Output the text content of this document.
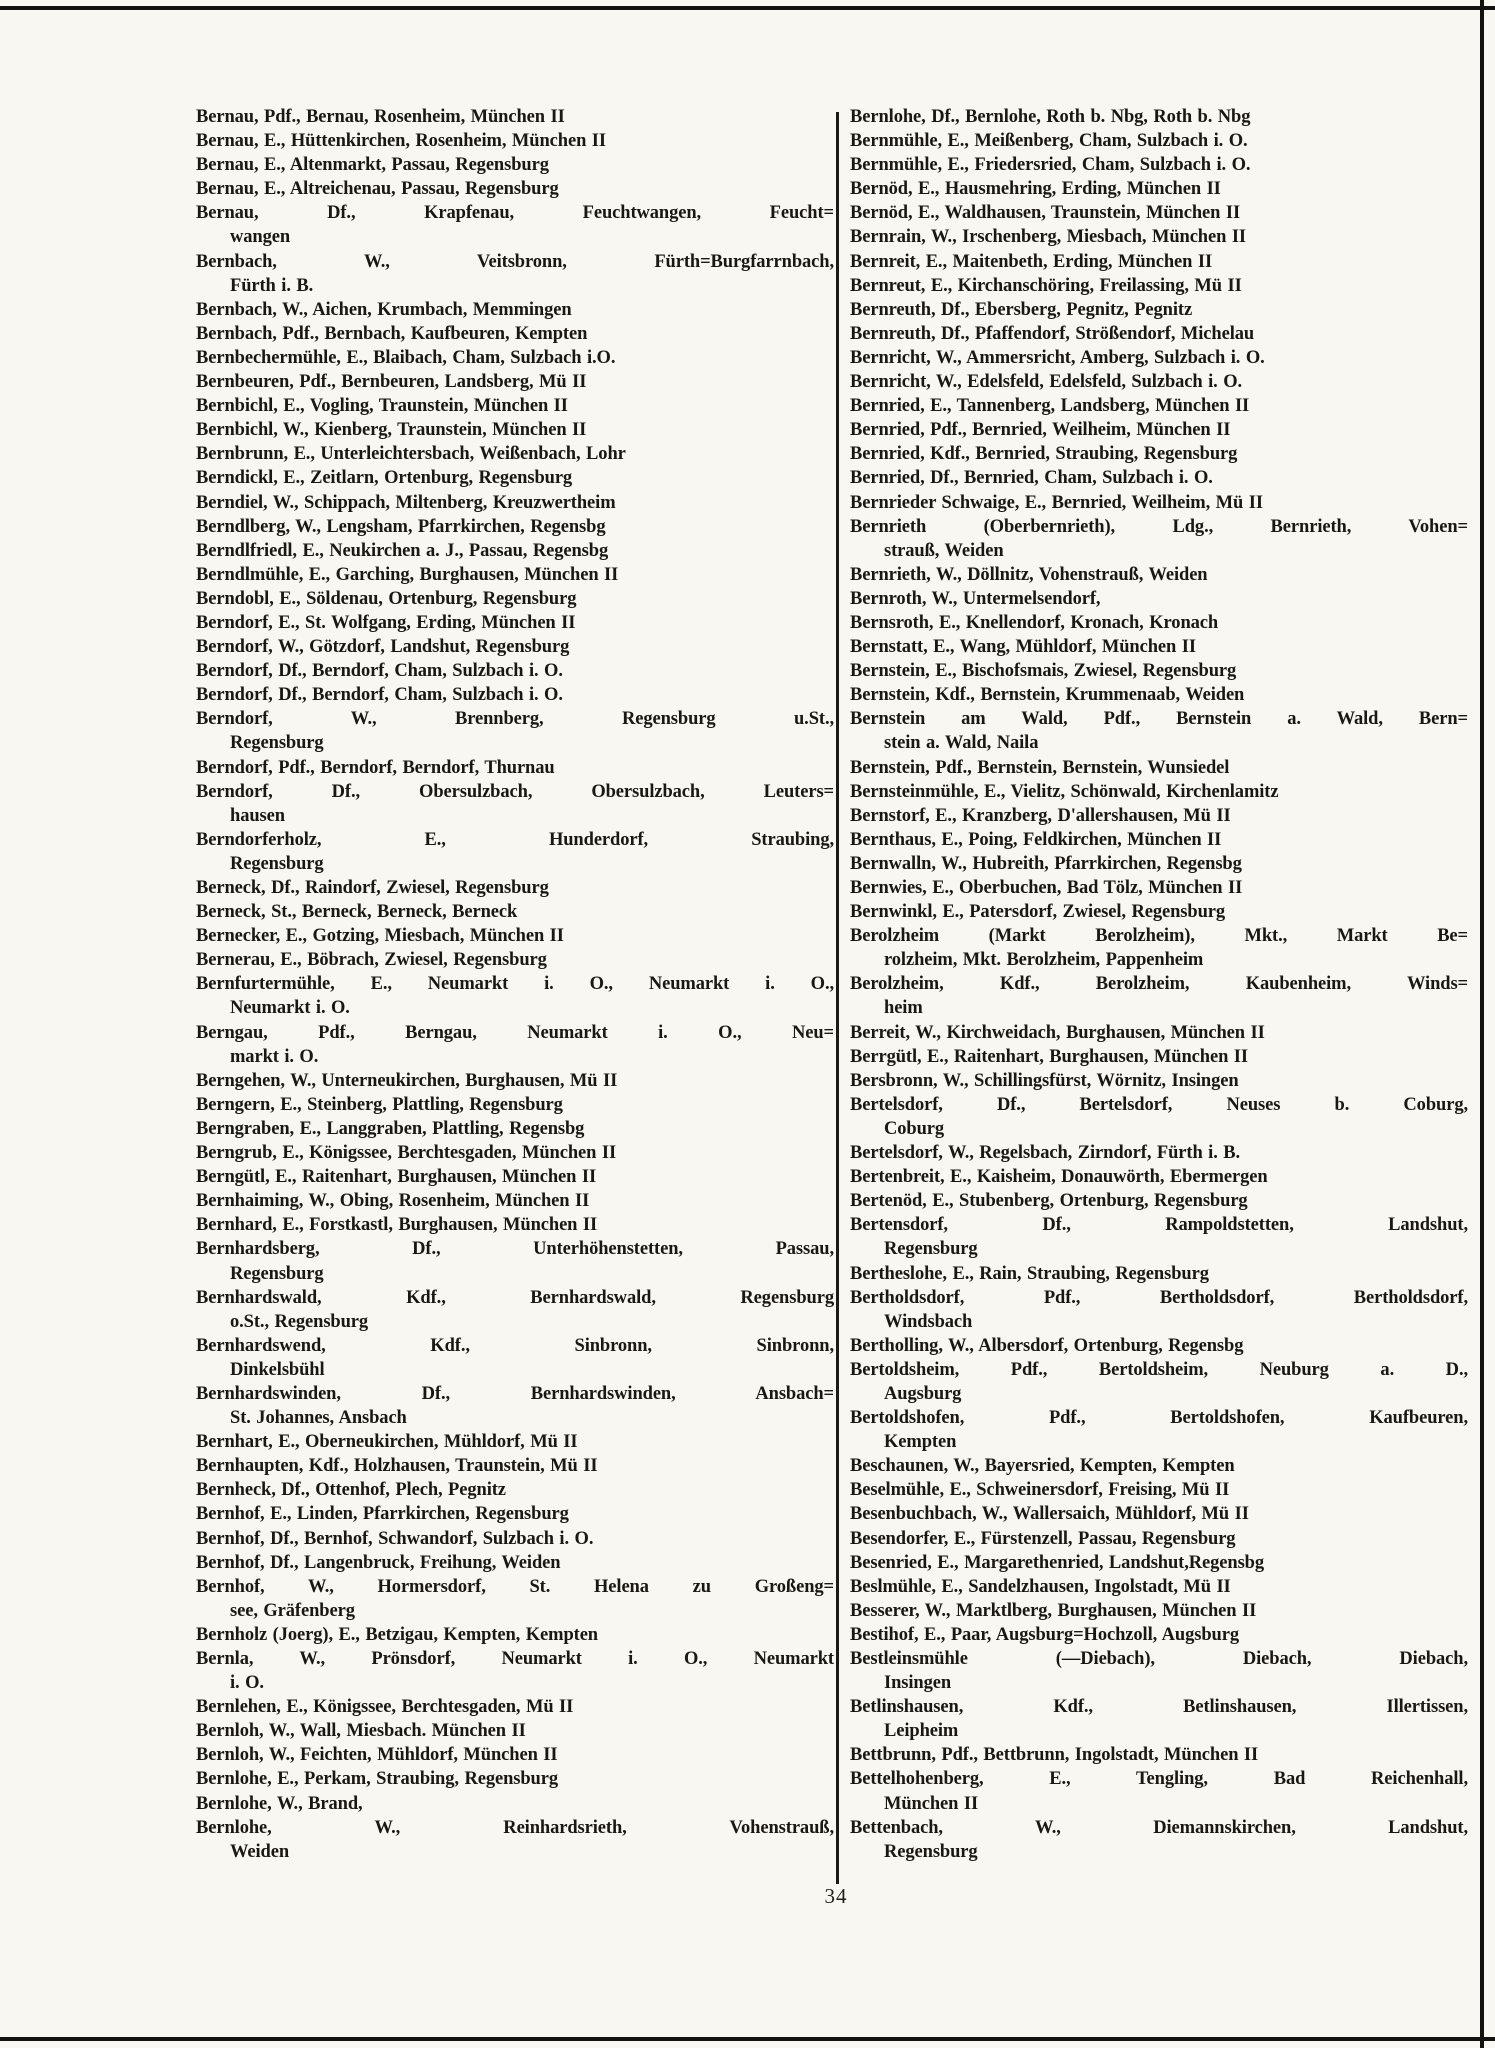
Bernau, Pdf., Bernau, Rosenheim, München II
Bernau, E., Hüttenkirchen, Rosenheim, München II
Bernau, E., Altenmarkt, Passau, Regensburg
Bernau, E., Altreichenau, Passau, Regensburg
Bernau, Df., Krapfenau, Feuchtwangen, Feucht=
wangen
Bernbach, W., Veitsbronn, Fürth=Burgfarrnbach,
Fürth i. B.
Bernbach, W., Aichen, Krumbach, Memmingen
Bernbach, Pdf., Bernbach, Kaufbeuren, Kempten
Bernbechermühle, E., Blaibach, Cham, Sulzbach i.O.
Bernbeuren, Pdf., Bernbeuren, Landsberg, Mü II
Bernbichl, E., Vogling, Traunstein, München II
Bernbichl, W., Kienberg, Traunstein, München II
Bernbrunn, E., Unterleichtersbach, Weißenbach, Lohr
Berndickl, E., Zeitlarn, Ortenburg, Regensburg
Berndiel, W., Schippach, Miltenberg, Kreuzwertheim
Berndlberg, W., Lengsham, Pfarrkirchen, Regensbg
Berndlfriedl, E., Neukirchen a. J., Passau, Regensbg
Berndlmühle, E., Garching, Burghausen, München II
Berndobl, E., Söldenau, Ortenburg, Regensburg
Berndorf, E., St. Wolfgang, Erding, München II
Berndorf, W., Götzdorf, Landshut, Regensburg
Berndorf, Df., Berndorf, Cham, Sulzbach i. O.
Berndorf, Df., Berndorf, Cham, Sulzbach i. O.
Berndorf, W., Brennberg, Regensburg u.St.,
Regensburg
Berndorf, Pdf., Berndorf, Berndorf, Thurnau
Berndorf, Df., Obersulzbach, Obersulzbach, Leuters=
hausen
Berndorferholz, E., Hunderdorf, Straubing,
Regensburg
Berneck, Df., Raindorf, Zwiesel, Regensburg
Berneck, St., Berneck, Berneck, Berneck
Bernecker, E., Gotzing, Miesbach, München II
Bernerau, E., Böbrach, Zwiesel, Regensburg
Bernfurtermühle, E., Neumarkt i. O., Neumarkt i. O.,
Neumarkt i. O.
Berngau, Pdf., Berngau, Neumarkt i. O., Neu=
markt i. O.
Berngehen, W., Unterneukirchen, Burghausen, Mü II
Berngern, E., Steinberg, Plattling, Regensburg
Berngraben, E., Langgraben, Plattling, Regensbg
Berngrub, E., Königssee, Berchtesgaden, München II
Berngütl, E., Raitenhart, Burghausen, München II
Bernhaiming, W., Obing, Rosenheim, München II
Bernhard, E., Forstkastl, Burghausen, München II
Bernhardsberg, Df., Unterhöhenstetten, Passau,
Regensburg
Bernhardswald, Kdf., Bernhardswald, Regensburg
o.St., Regensburg
Bernhardswend, Kdf., Sinbronn, Sinbronn,
Dinkelsbühl
Bernhardswinden, Df., Bernhardswinden, Ansbach=
St. Johannes, Ansbach
Bernhart, E., Oberneukirchen, Mühldorf, Mü II
Bernhaupten, Kdf., Holzhausen, Traunstein, Mü II
Bernheck, Df., Ottenhof, Plech, Pegnitz
Bernhof, E., Linden, Pfarrkirchen, Regensburg
Bernhof, Df., Bernhof, Schwandorf, Sulzbach i. O.
Bernhof, Df., Langenbruck, Freihung, Weiden
Bernhof, W., Hormersdorf, St. Helena zu Großeng=
see, Gräfenberg
Bernholz (Joerg), E., Betzigau, Kempten, Kempten
Bernla, W., Prönsdorf, Neumarkt i. O., Neumarkt
i. O.
Bernlehen, E., Königssee, Berchtesgaden, Mü II
Bernloh, W., Wall, Miesbach. München II
Bernloh, W., Feichten, Mühldorf, München II
Bernlohe, E., Perkam, Straubing, Regensburg
Bernlohe, W., Brand,
Bernlohe, W., Reinhardsrieth, Vohenstrauß,
Weiden
Bernlohe, Df., Bernlohe, Roth b. Nbg, Roth b. Nbg
Bernmühle, E., Meißenberg, Cham, Sulzbach i. O.
Bernmühle, E., Friedersried, Cham, Sulzbach i. O.
Bernöd, E., Hausmehring, Erding, München II
Bernöd, E., Waldhausen, Traunstein, München II
Bernrain, W., Irschenberg, Miesbach, München II
Bernreit, E., Maitenbeth, Erding, München II
Bernreut, E., Kirchanschöring, Freilassing, Mü II
Bernreuth, Df., Ebersberg, Pegnitz, Pegnitz
Bernreuth, Df., Pfaffendorf, Strößendorf, Michelau
Bernricht, W., Ammersricht, Amberg, Sulzbach i. O.
Bernricht, W., Edelsfeld, Edelsfeld, Sulzbach i. O.
Bernried, E., Tannenberg, Landsberg, München II
Bernried, Pdf., Bernried, Weilheim, München II
Bernried, Kdf., Bernried, Straubing, Regensburg
Bernried, Df., Bernried, Cham, Sulzbach i. O.
Bernrieder Schwaige, E., Bernried, Weilheim, Mü II
Bernrieth (Oberbernrieth), Ldg., Bernrieth, Vohen=
strauß, Weiden
Bernrieth, W., Döllnitz, Vohenstrauß, Weiden
Bernroth, W., Untermelsendorf,
Bernsroth, E., Knellendorf, Kronach, Kronach
Bernstatt, E., Wang, Mühldorf, München II
Bernstein, E., Bischofsmais, Zwiesel, Regensburg
Bernstein, Kdf., Bernstein, Krummenaab, Weiden
Bernstein am Wald, Pdf., Bernstein a. Wald, Bern=
stein a. Wald, Naila
Bernstein, Pdf., Bernstein, Bernstein, Wunsiedel
Bernsteinmühle, E., Vielitz, Schönwald, Kirchenlamitz
Bernstorf, E., Kranzberg, D'allershausen, Mü II
Bernthaus, E., Poing, Feldkirchen, München II
Bernwalln, W., Hubreith, Pfarrkirchen, Regensbg
Bernwies, E., Oberbuchen, Bad Tölz, München II
Bernwinkl, E., Patersdorf, Zwiesel, Regensburg
Berolzheim (Markt Berolzheim), Mkt., Markt Be=
rolzheim, Mkt. Berolzheim, Pappenheim
Berolzheim, Kdf., Berolzheim, Kaubenheim, Winds=
heim
Berreit, W., Kirchweidach, Burghausen, München II
Berrgütl, E., Raitenhart, Burghausen, München II
Bersbronn, W., Schillingsfürst, Wörnitz, Insingen
Bertelsdorf, Df., Bertelsdorf, Neuses b. Coburg,
Coburg
Bertelsdorf, W., Regelsbach, Zirndorf, Fürth i. B.
Bertenbreit, E., Kaisheim, Donauwörth, Ebermergen
Bertenöd, E., Stubenberg, Ortenburg, Regensburg
Bertensdorf, Df., Rampoldstetten, Landshut,
Regensburg
Bertheslohe, E., Rain, Straubing, Regensburg
Bertholdsdorf, Pdf., Bertholdsdorf, Bertholdsdorf,
Windsbach
Bertholling, W., Albersdorf, Ortenburg, Regensbg
Bertoldsheim, Pdf., Bertoldsheim, Neuburg a. D.,
Augsburg
Bertoldshofen, Pdf., Bertoldshofen, Kaufbeuren,
Kempten
Beschaunen, W., Bayersried, Kempten, Kempten
Beselmühle, E., Schweinersdorf, Freising, Mü II
Besenbuchbach, W., Wallersaich, Mühldorf, Mü II
Besendorfer, E., Fürstenzell, Passau, Regensburg
Besenried, E., Margarethenried, Landshut,Regensbg
Beslmühle, E., Sandelzhausen, Ingolstadt, Mü II
Besserer, W., Marktlberg, Burghausen, München II
Bestihof, E., Paar, Augsburg=Hochzoll, Augsburg
Bestleinsmühle (—Diebach), Diebach, Diebach,
Insingen
Betlinshausen, Kdf., Betlinshausen, Illertissen,
Leipheim
Bettbrunn, Pdf., Bettbrunn, Ingolstadt, München II
Bettelhohenberg, E., Tengling, Bad Reichenhall,
München II
Bettenbach, W., Diemannskirchen, Landshut,
Regensburg
34
